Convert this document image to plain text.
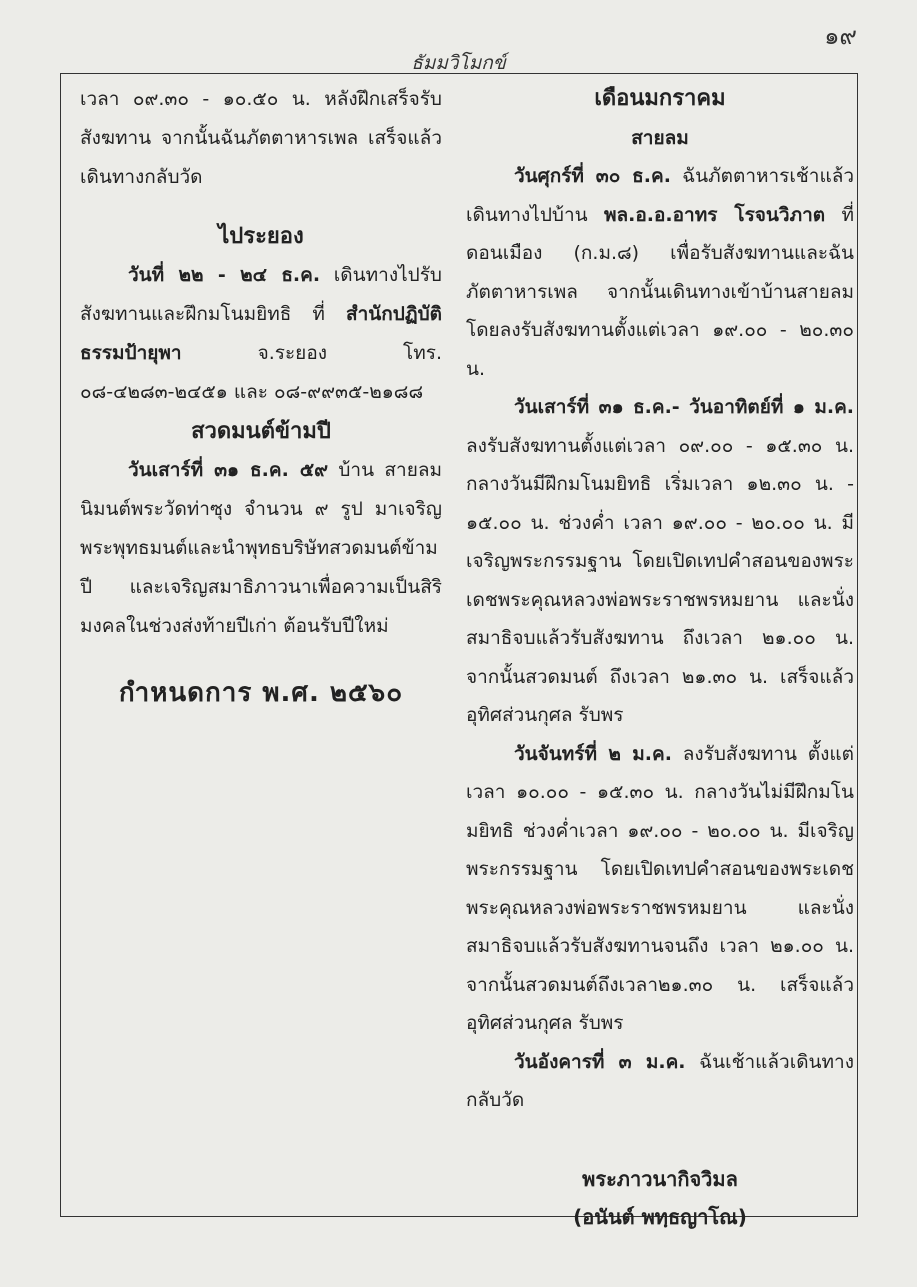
๑๙
ธัมมวิโมกข์

เวลา ๐๙.๓๐ - ๑๐.๕๐ น. หลังฝึกเสร็จรับสังฆทาน จากนั้นฉันภัตตาหารเพล เสร็จแล้วเดินทางกลับวัด

ไประยอง

วันที่ ๒๒ - ๒๔ ธ.ค. เดินทางไปรับสังฆทานและฝึกมโนมยิทธิ ที่ สำนักปฏิบัติธรรมป้ายุพา จ.ระยอง โทร. ๐๘-๔๒๘๓-๒๔๕๑ และ ๐๘-๙๙๓๕-๒๑๘๘

สวดมนต์ข้ามปี

วันเสาร์ที่ ๓๑ ธ.ค. ๕๙ บ้าน สายลม นิมนต์พระวัดท่าซุง จำนวน ๙ รูป มาเจริญพระพุทธมนต์และนำพุทธบริษัทสวดมนต์ข้ามปี และเจริญสมาธิภาวนาเพื่อความเป็นสิริมงคลในช่วงส่งท้ายปีเก่า ต้อนรับปีใหม่

กำหนดการ พ.ศ. ๒๕๖๐

เดือนมกราคม

สายลม

วันศุกร์ที่ ๓๐ ธ.ค. ฉันภัตตาหารเช้าแล้ว เดินทางไปบ้าน พล.อ.อ.อาทร โรจนวิภาต ที่ดอนเมือง (ก.ม.๘) เพื่อรับสังฆทานและฉันภัตตาหารเพล จากนั้นเดินทางเข้าบ้านสายลม โดยลงรับสังฆทานตั้งแต่เวลา ๑๙.๐๐ - ๒๐.๓๐ น.

วันเสาร์ที่ ๓๑ ธ.ค.- วันอาทิตย์ที่ ๑ ม.ค. ลงรับสังฆทานตั้งแต่เวลา ๐๙.๐๐ - ๑๕.๓๐ น. กลางวันมีฝึกมโนมยิทธิ เริ่มเวลา ๑๒.๓๐ น. - ๑๕.๐๐ น. ช่วงค่ำ เวลา ๑๙.๐๐ - ๒๐.๐๐ น. มีเจริญพระกรรมฐาน โดยเปิดเทปคำสอนของพระเดชพระคุณหลวงพ่อพระราชพรหมยาน และนั่งสมาธิจบแล้วรับสังฆทาน ถึงเวลา ๒๑.๐๐ น. จากนั้นสวดมนต์ ถึงเวลา ๒๑.๓๐ น. เสร็จแล้วอุทิศส่วนกุศล รับพร

วันจันทร์ที่ ๒ ม.ค. ลงรับสังฆทาน ตั้งแต่เวลา ๑๐.๐๐ - ๑๕.๓๐ น. กลางวันไม่มีฝึกมโนมยิทธิ ช่วงค่ำเวลา ๑๙.๐๐ - ๒๐.๐๐ น. มีเจริญพระกรรมฐาน โดยเปิดเทปคำสอนของพระเดชพระคุณหลวงพ่อพระราชพรหมยาน และนั่งสมาธิจบแล้วรับสังฆทานจนถึง เวลา ๒๑.๐๐ น. จากนั้นสวดมนต์ถึงเวลา๒๑.๓๐ น. เสร็จแล้วอุทิศส่วนกุศล รับพร

วันอังคารที่ ๓ ม.ค. ฉันเช้าแล้วเดินทางกลับวัด

พระภาวนากิจวิมล

(อนันต์ พทฺธญาโณ)
